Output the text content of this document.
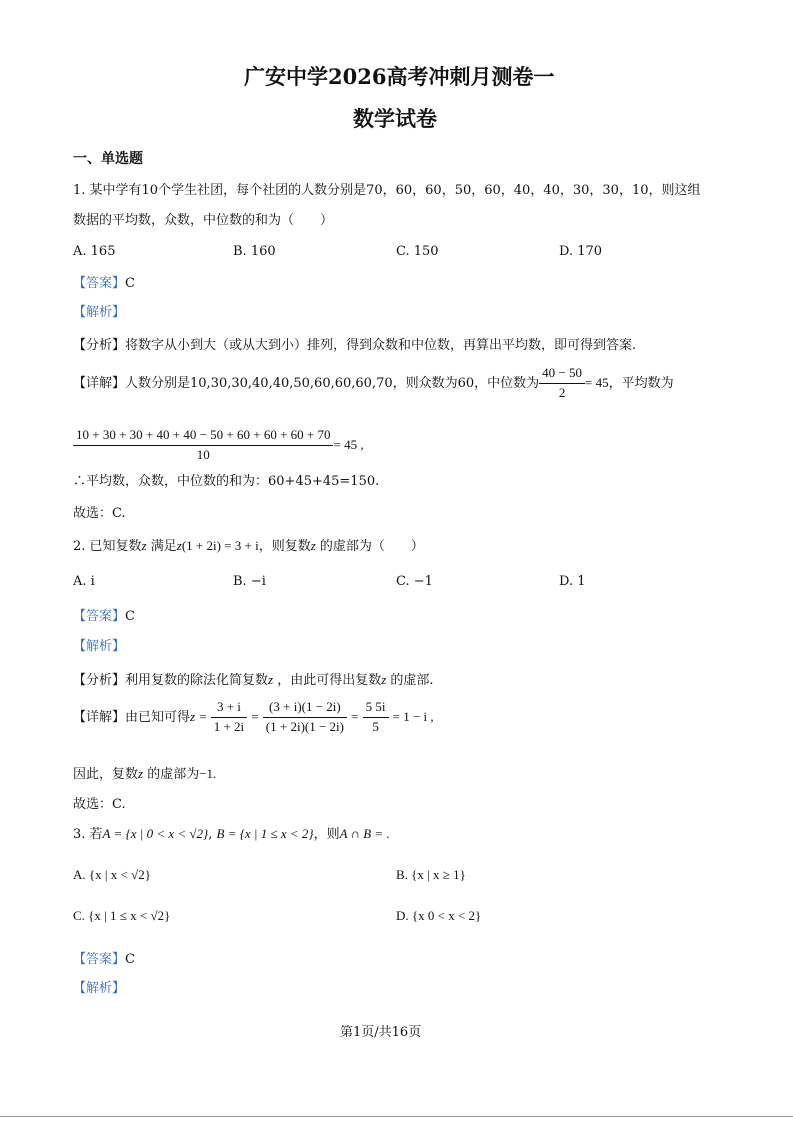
广安中学2026高考冲刺月测卷一
数学试卷
一、单选题
1. 某中学有10个学生社团，每个社团的人数分别是70，60，60，50，60，40，40，30，30，10，则这组
数据的平均数，众数，中位数的和为（　　）
A. 165	B. 160	C. 150	D. 170
【答案】C
【解析】
【分析】将数字从小到大（或从大到小）排列，得到众数和中位数，再算出平均数，即可得到答案.
【详解】人数分别是10,30,30,40,40,50,60,60,60,70，则众数为60，中位数为 $\frac{40 - 50}{2} = 45$，平均数为
$\frac{10 + 30 + 30 + 40 + 40 - 50 + 60 + 60 + 60 + 70}{10} = 45$ ,
∴平均数，众数，中位数的和为：60+45+45=150.
故选：C.
2. 已知复数z 满足z(1 + 2i) = 3 + i，则复数z 的虚部为（　　）
A. i	B. −i	C. −1	D. 1
【答案】C
【解析】
【分析】利用复数的除法化简复数z ，由此可得出复数z 的虚部.
【详解】由已知可得$z = \frac{3 + i}{1 + 2i} = \frac{(3 + i)(1 - 2i)}{(1 + 2i)(1 - 2i)} = \frac{5 5i}{5} = 1 - i$ ,
因此，复数z 的虚部为−1.
故选：C.
3. 若A = {x | 0 < x < √2}, B = {x | 1 ≤ x < 2}，则A ∩ B = .
A. {x | x < √2}	B. {x | x ≥ 1}
C. {x | 1 ≤ x < √2}	D. {x 0 < x < 2}
【答案】C
【解析】
第1页/共16页
